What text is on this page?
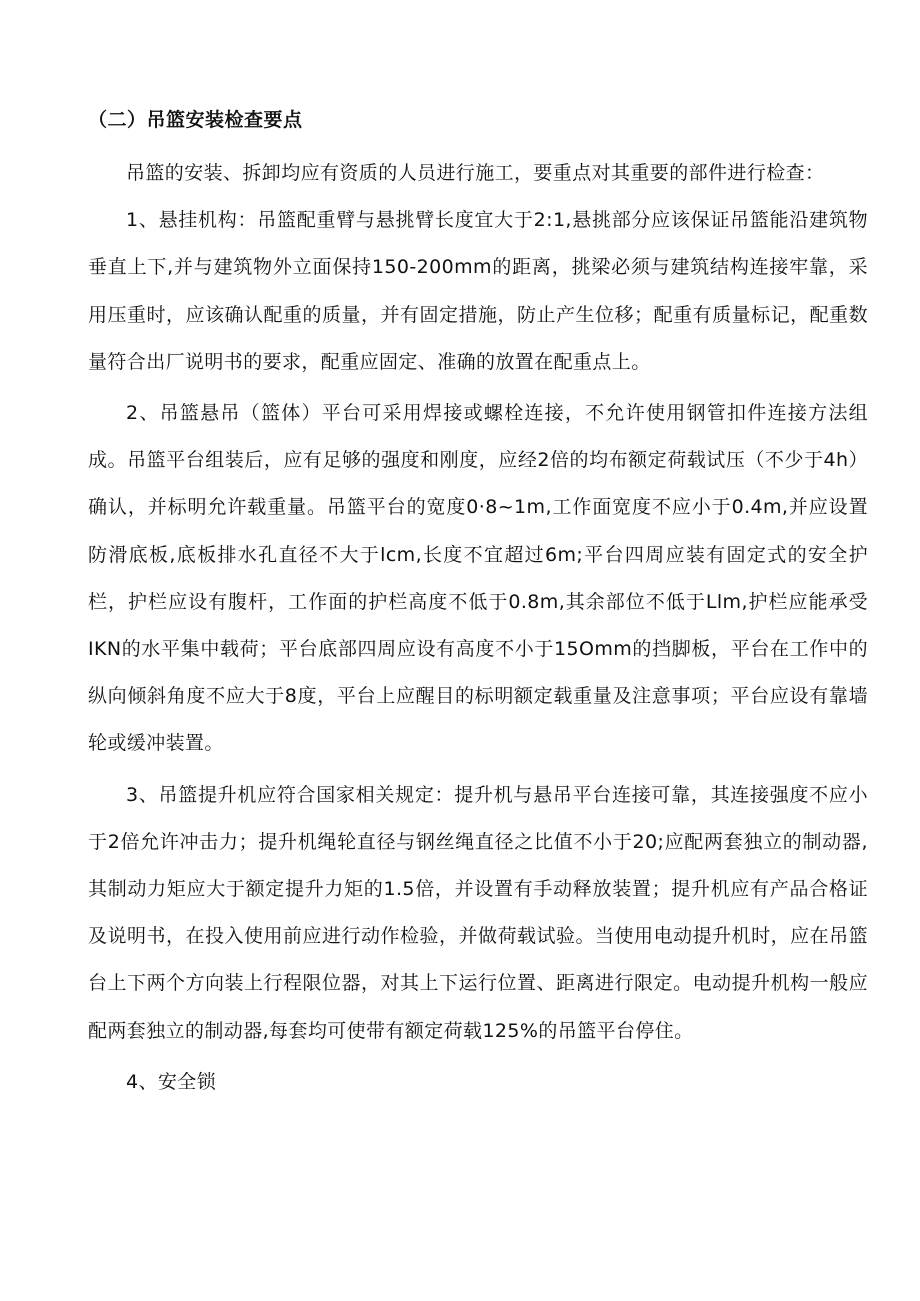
（二）吊篮安装检查要点

吊篮的安装、拆卸均应有资质的人员进行施工，要重点对其重要的部件进行检查：

1、悬挂机构：吊篮配重臂与悬挑臂长度宜大于2:1,悬挑部分应该保证吊篮能沿建筑物垂直上下,并与建筑物外立面保持150-200mm的距离，挑梁必须与建筑结构连接牢靠，采用压重时，应该确认配重的质量，并有固定措施，防止产生位移；配重有质量标记，配重数量符合出厂说明书的要求，配重应固定、准确的放置在配重点上。

2、吊篮悬吊（篮体）平台可采用焊接或螺栓连接，不允许使用钢管扣件连接方法组成。吊篮平台组装后，应有足够的强度和刚度，应经2倍的均布额定荷载试压（不少于4h）确认，并标明允许载重量。吊篮平台的宽度0·8~1m,工作面宽度不应小于0.4m,并应设置防滑底板,底板排水孔直径不大于lcm,长度不宜超过6m;平台四周应装有固定式的安全护栏，护栏应设有腹杆，工作面的护栏高度不低于0.8m,其余部位不低于Llm,护栏应能承受IKN的水平集中载荷；平台底部四周应设有高度不小于15Omm的挡脚板，平台在工作中的纵向倾斜角度不应大于8度，平台上应醒目的标明额定载重量及注意事项；平台应设有靠墙轮或缓冲装置。

3、吊篮提升机应符合国家相关规定：提升机与悬吊平台连接可靠，其连接强度不应小于2倍允许冲击力；提升机绳轮直径与钢丝绳直径之比值不小于20;应配两套独立的制动器,其制动力矩应大于额定提升力矩的1.5倍，并设置有手动释放装置；提升机应有产品合格证及说明书，在投入使用前应进行动作检验，并做荷载试验。当使用电动提升机时，应在吊篮台上下两个方向装上行程限位器，对其上下运行位置、距离进行限定。电动提升机构一般应配两套独立的制动器,每套均可使带有额定荷载125%的吊篮平台停住。

4、安全锁
